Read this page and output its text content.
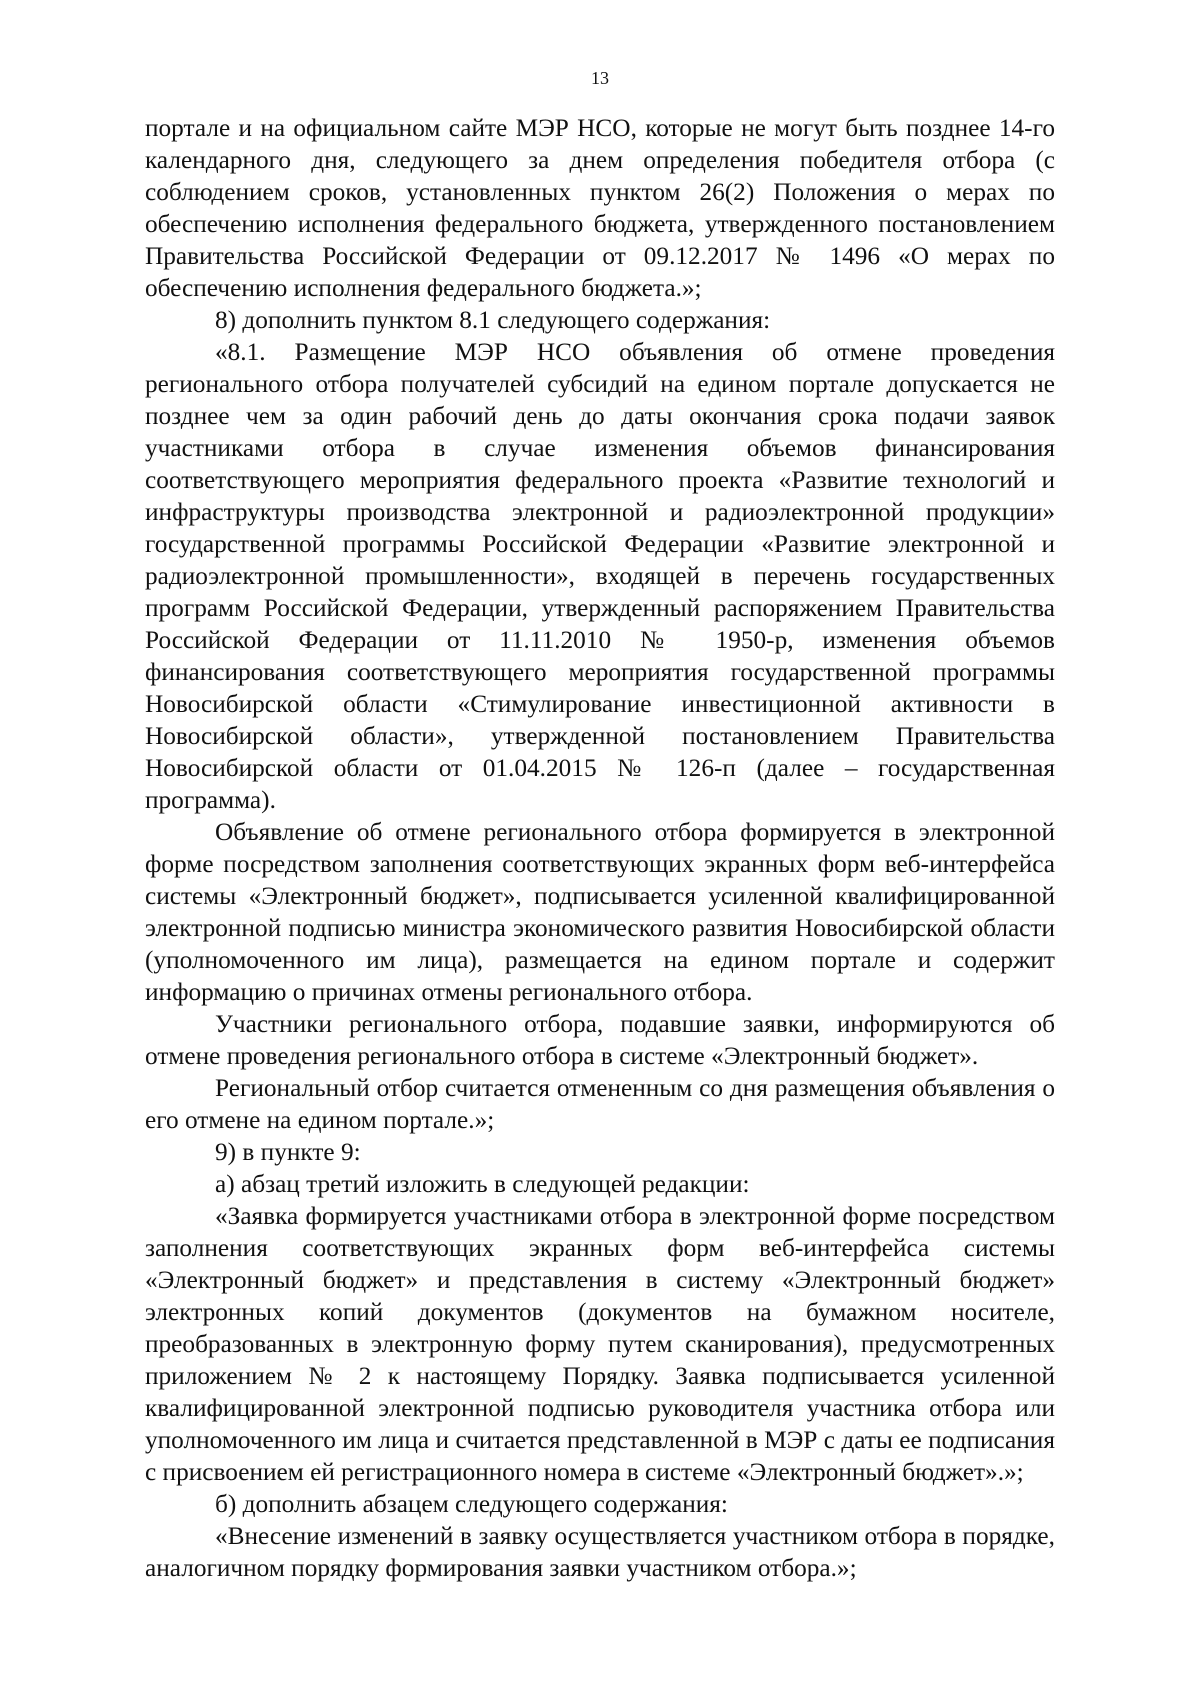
13

портале и на официальном сайте МЭР НСО, которые не могут быть позднее 14-го календарного дня, следующего за днем определения победителя отбора (с соблюдением сроков, установленных пунктом 26(2) Положения о мерах по обеспечению исполнения федерального бюджета, утвержденного постановлением Правительства Российской Федерации от 09.12.2017 № 1496 «О мерах по обеспечению исполнения федерального бюджета.»;

8) дополнить пунктом 8.1 следующего содержания:

«8.1. Размещение МЭР НСО объявления об отмене проведения регионального отбора получателей субсидий на едином портале допускается не позднее чем за один рабочий день до даты окончания срока подачи заявок участниками отбора в случае изменения объемов финансирования соответствующего мероприятия федерального проекта «Развитие технологий и инфраструктуры производства электронной и радиоэлектронной продукции» государственной программы Российской Федерации «Развитие электронной и радиоэлектронной промышленности», входящей в перечень государственных программ Российской Федерации, утвержденный распоряжением Правительства Российской Федерации от 11.11.2010 № 1950-р, изменения объемов финансирования соответствующего мероприятия государственной программы Новосибирской области «Стимулирование инвестиционной активности в Новосибирской области», утвержденной постановлением Правительства Новосибирской области от 01.04.2015 № 126-п (далее – государственная программа).

Объявление об отмене регионального отбора формируется в электронной форме посредством заполнения соответствующих экранных форм веб-интерфейса системы «Электронный бюджет», подписывается усиленной квалифицированной электронной подписью министра экономического развития Новосибирской области (уполномоченного им лица), размещается на едином портале и содержит информацию о причинах отмены регионального отбора.

Участники регионального отбора, подавшие заявки, информируются об отмене проведения регионального отбора в системе «Электронный бюджет».

Региональный отбор считается отмененным со дня размещения объявления о его отмене на едином портале.»;

9) в пункте 9:

а) абзац третий изложить в следующей редакции:

«Заявка формируется участниками отбора в электронной форме посредством заполнения соответствующих экранных форм веб-интерфейса системы «Электронный бюджет» и представления в систему «Электронный бюджет» электронных копий документов (документов на бумажном носителе, преобразованных в электронную форму путем сканирования), предусмотренных приложением № 2 к настоящему Порядку. Заявка подписывается усиленной квалифицированной электронной подписью руководителя участника отбора или уполномоченного им лица и считается представленной в МЭР с даты ее подписания с присвоением ей регистрационного номера в системе «Электронный бюджет».»;

б) дополнить абзацем следующего содержания:

«Внесение изменений в заявку осуществляется участником отбора в порядке, аналогичном порядку формирования заявки участником отбора.»;
